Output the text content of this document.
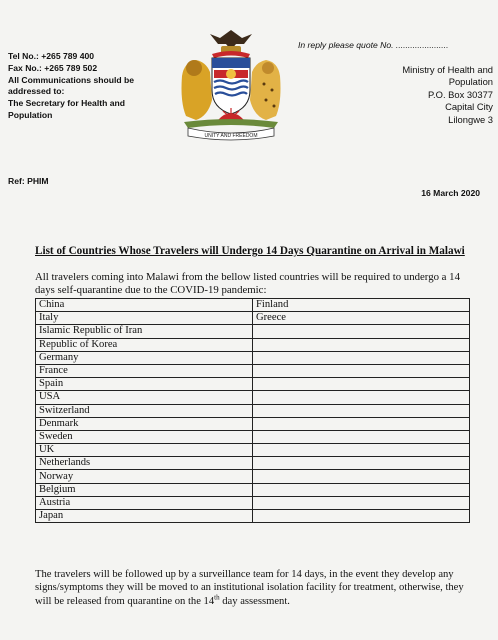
Tel No.: +265 789 400
Fax No.: +265 789 502
All Communications should be
addressed to:
The Secretary for Health and
Population
UNITY AND FREEDOM
In reply please quote No. ......................
Ministry of Health and
Population
P.O. Box 30377
Capital City
Lilongwe 3
Ref: PHIM
16 March 2020
List of Countries Whose Travelers will Undergo 14 Days Quarantine on Arrival in Malawi
All travelers coming into Malawi from the bellow listed countries will be required to undergo a 14 days self-quarantine due to the COVID-19 pandemic:
China	Finland
Italy	Greece
Islamic Republic of Iran	
Republic of Korea	
Germany	
France	
Spain	
USA	
Switzerland	
Denmark	
Sweden	
UK	
Netherlands	
Norway	
Belgium	
Austria	
Japan	
The travelers will be followed up by a surveillance team for 14 days, in the event they develop any signs/symptoms they will be moved to an institutional isolation facility for treatment, otherwise, they will be released from quarantine on the 14th day assessment.
